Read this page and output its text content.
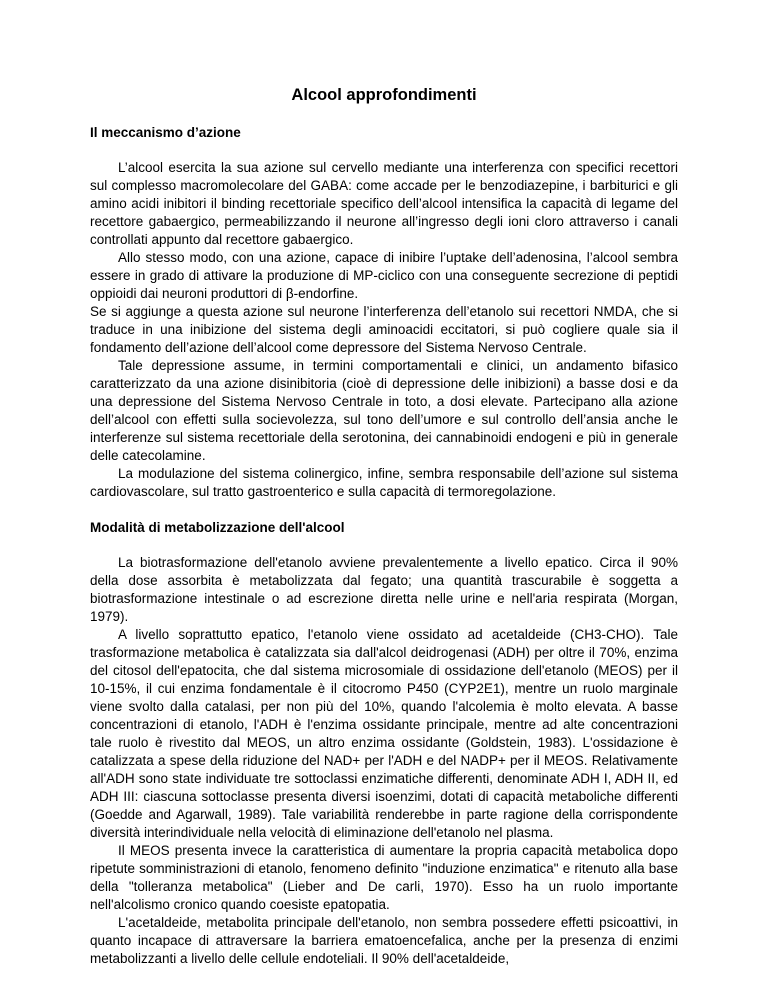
Alcool approfondimenti
Il meccanismo d’azione

L’alcool esercita la sua azione sul cervello mediante una interferenza con specifici recettori sul complesso macromolecolare del GABA: come accade per le benzodiazepine, i barbiturici e gli amino acidi inibitori il binding recettoriale specifico dell’alcool intensifica la capacità di legame del recettore gabaergico, permeabilizzando il neurone all’ingresso degli ioni cloro attraverso i canali controllati appunto dal recettore gabaergico.

Allo stesso modo, con una azione, capace di inibire l’uptake dell’adenosina, l’alcool sembra essere in grado di attivare la produzione di MP-ciclico con una conseguente secrezione di peptidi oppioidi dai neuroni produttori di β-endorfine.

Se si aggiunge a questa azione sul neurone l’interferenza dell’etanolo sui recettori NMDA, che si traduce in una inibizione del sistema degli aminoacidi eccitatori, si può cogliere quale sia il fondamento dell’azione dell’alcool come depressore del Sistema Nervoso Centrale.

Tale depressione assume, in termini comportamentali e clinici, un andamento bifasico caratterizzato da una azione disinibitoria (cioè di depressione delle inibizioni) a basse dosi e da una depressione del Sistema Nervoso Centrale in toto, a dosi elevate. Partecipano alla azione dell’alcool con effetti sulla socievolezza, sul tono dell’umore e sul controllo dell’ansia anche le interferenze sul sistema recettoriale della serotonina, dei cannabinoidi endogeni e più in generale delle catecolamine.

La modulazione del sistema colinergico, infine, sembra responsabile dell’azione sul sistema cardiovascolare, sul tratto gastroenterico e sulla capacità di termoregolazione.

Modalità di metabolizzazione dell'alcool

La biotrasformazione dell'etanolo avviene prevalentemente a livello epatico. Circa il 90% della dose assorbita è metabolizzata dal fegato; una quantità trascurabile è soggetta a biotrasformazione intestinale o ad escrezione diretta nelle urine e nell'aria respirata (Morgan, 1979).

A livello soprattutto epatico, l'etanolo viene ossidato ad acetaldeide (CH3-CHO). Tale trasformazione metabolica è catalizzata sia dall'alcol deidrogenasi (ADH) per oltre il 70%, enzima del citosol dell'epatocita, che dal sistema microsomiale di ossidazione dell'etanolo (MEOS) per il 10-15%, il cui enzima fondamentale è il citocromo P450 (CYP2E1), mentre un ruolo marginale viene svolto dalla catalasi, per non più del 10%, quando l'alcolemia è molto elevata. A basse concentrazioni di etanolo, l'ADH è l'enzima ossidante principale, mentre ad alte concentrazioni tale ruolo è rivestito dal MEOS, un altro enzima ossidante (Goldstein, 1983). L'ossidazione è catalizzata a spese della riduzione del NAD+ per l'ADH e del NADP+ per il MEOS. Relativamente all'ADH sono state individuate tre sottoclassi enzimatiche differenti, denominate ADH I, ADH II, ed ADH III: ciascuna sottoclasse presenta diversi isoenzimi, dotati di capacità metaboliche differenti (Goedde and Agarwall, 1989). Tale variabilità renderebbe in parte ragione della corrispondente diversità interindividuale nella velocità di eliminazione dell'etanolo nel plasma.

Il MEOS presenta invece la caratteristica di aumentare la propria capacità metabolica dopo ripetute somministrazioni di etanolo, fenomeno definito "induzione enzimatica" e ritenuto alla base della "tolleranza metabolica" (Lieber and De carli, 1970). Esso ha un ruolo importante nell'alcolismo cronico quando coesiste epatopatia.

L'acetaldeide, metabolita principale dell'etanolo, non sembra possedere effetti psicoattivi, in quanto incapace di attraversare la barriera ematoencefalica, anche per la presenza di enzimi metabolizzanti a livello delle cellule endoteliali. Il 90% dell'acetaldeide,
